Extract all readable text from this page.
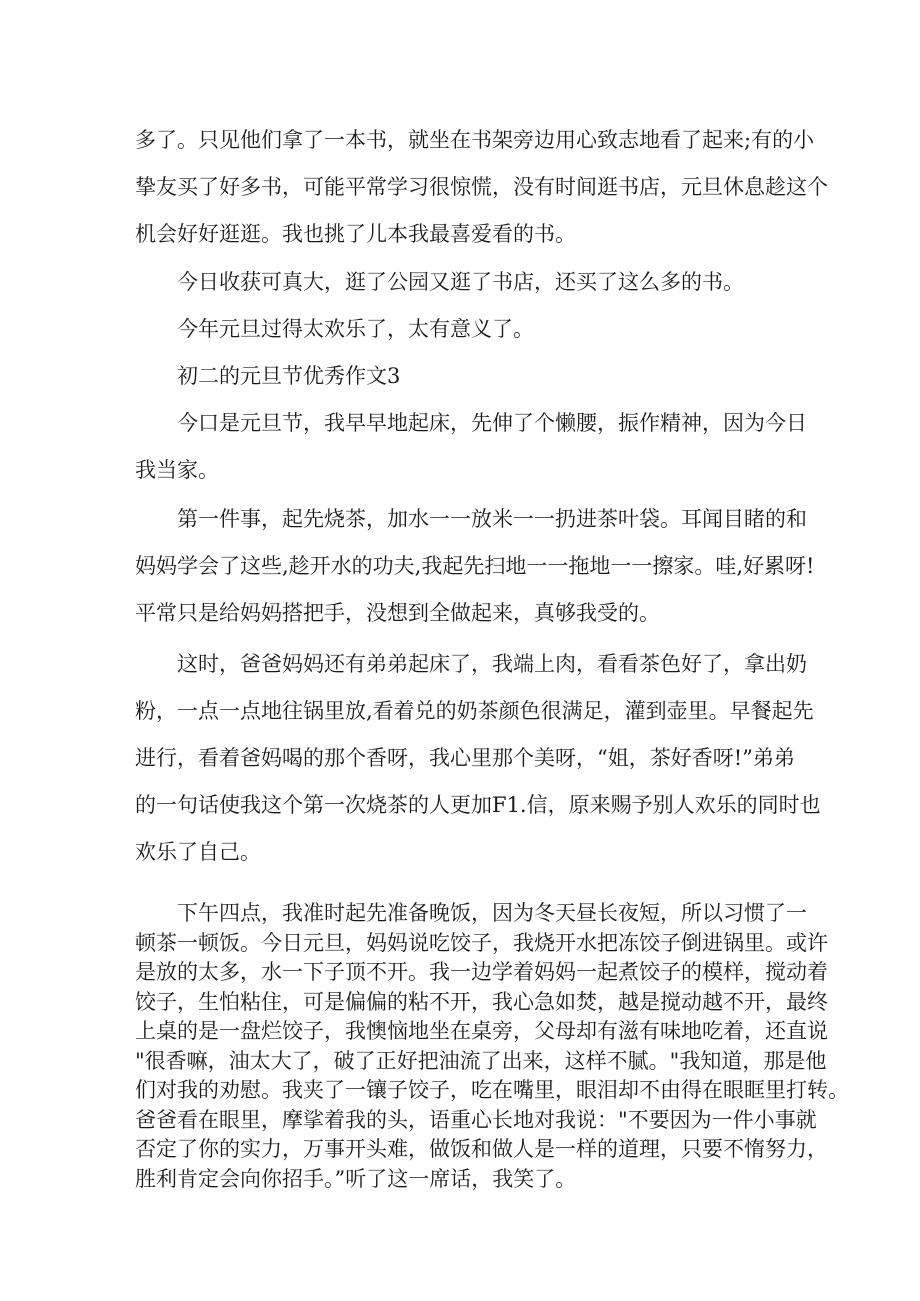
多了。只见他们拿了一本书，就坐在书架旁边用心致志地看了起来;有的小
挚友买了好多书，可能平常学习很惊慌，没有时间逛书店，元旦休息趁这个
机会好好逛逛。我也挑了儿本我最喜爱看的书。
今日收获可真大，逛了公园又逛了书店，还买了这么多的书。
今年元旦过得太欢乐了，太有意义了。
初二的元旦节优秀作文3
今口是元旦节，我早早地起床，先伸了个懒腰，振作精神，因为今日
我当家。
第一件事，起先烧茶，加水一一放米一一扔进茶叶袋。耳闻目睹的和
妈妈学会了这些,趁开水的功夫,我起先扫地一一拖地一一擦家。哇,好累呀!
平常只是给妈妈搭把手，没想到全做起来，真够我受的。
这时，爸爸妈妈还有弟弟起床了，我端上肉，看看茶色好了，拿出奶
粉，一点一点地往锅里放,看着兑的奶茶颜色很满足，灌到壶里。早餐起先
进行，看着爸妈喝的那个香呀，我心里那个美呀，“姐，茶好香呀!”弟弟
的一句话使我这个第一次烧茶的人更加F1.信，原来赐予别人欢乐的同时也
欢乐了自己。
下午四点，我准时起先准备晚饭，因为冬天昼长夜短，所以习惯了一
顿茶一顿饭。今日元旦，妈妈说吃饺子，我烧开水把冻饺子倒进锅里。或许
是放的太多，水一下子顶不开。我一边学着妈妈一起煮饺子的模样，搅动着
饺子，生怕粘住，可是偏偏的粘不开，我心急如焚，越是搅动越不开，最终
上桌的是一盘烂饺子，我懊恼地坐在桌旁，父母却有滋有味地吃着，还直说
"很香嘛，油太大了，破了正好把油流了出来，这样不腻。"我知道，那是他
们对我的劝慰。我夹了一镶子饺子，吃在嘴里，眼泪却不由得在眼眶里打转。
爸爸看在眼里，摩挲着我的头，语重心长地对我说："不要因为一件小事就
否定了你的实力，万事开头难，做饭和做人是一样的道理，只要不惰努力，
胜利肯定会向你招手。”听了这一席话，我笑了。
